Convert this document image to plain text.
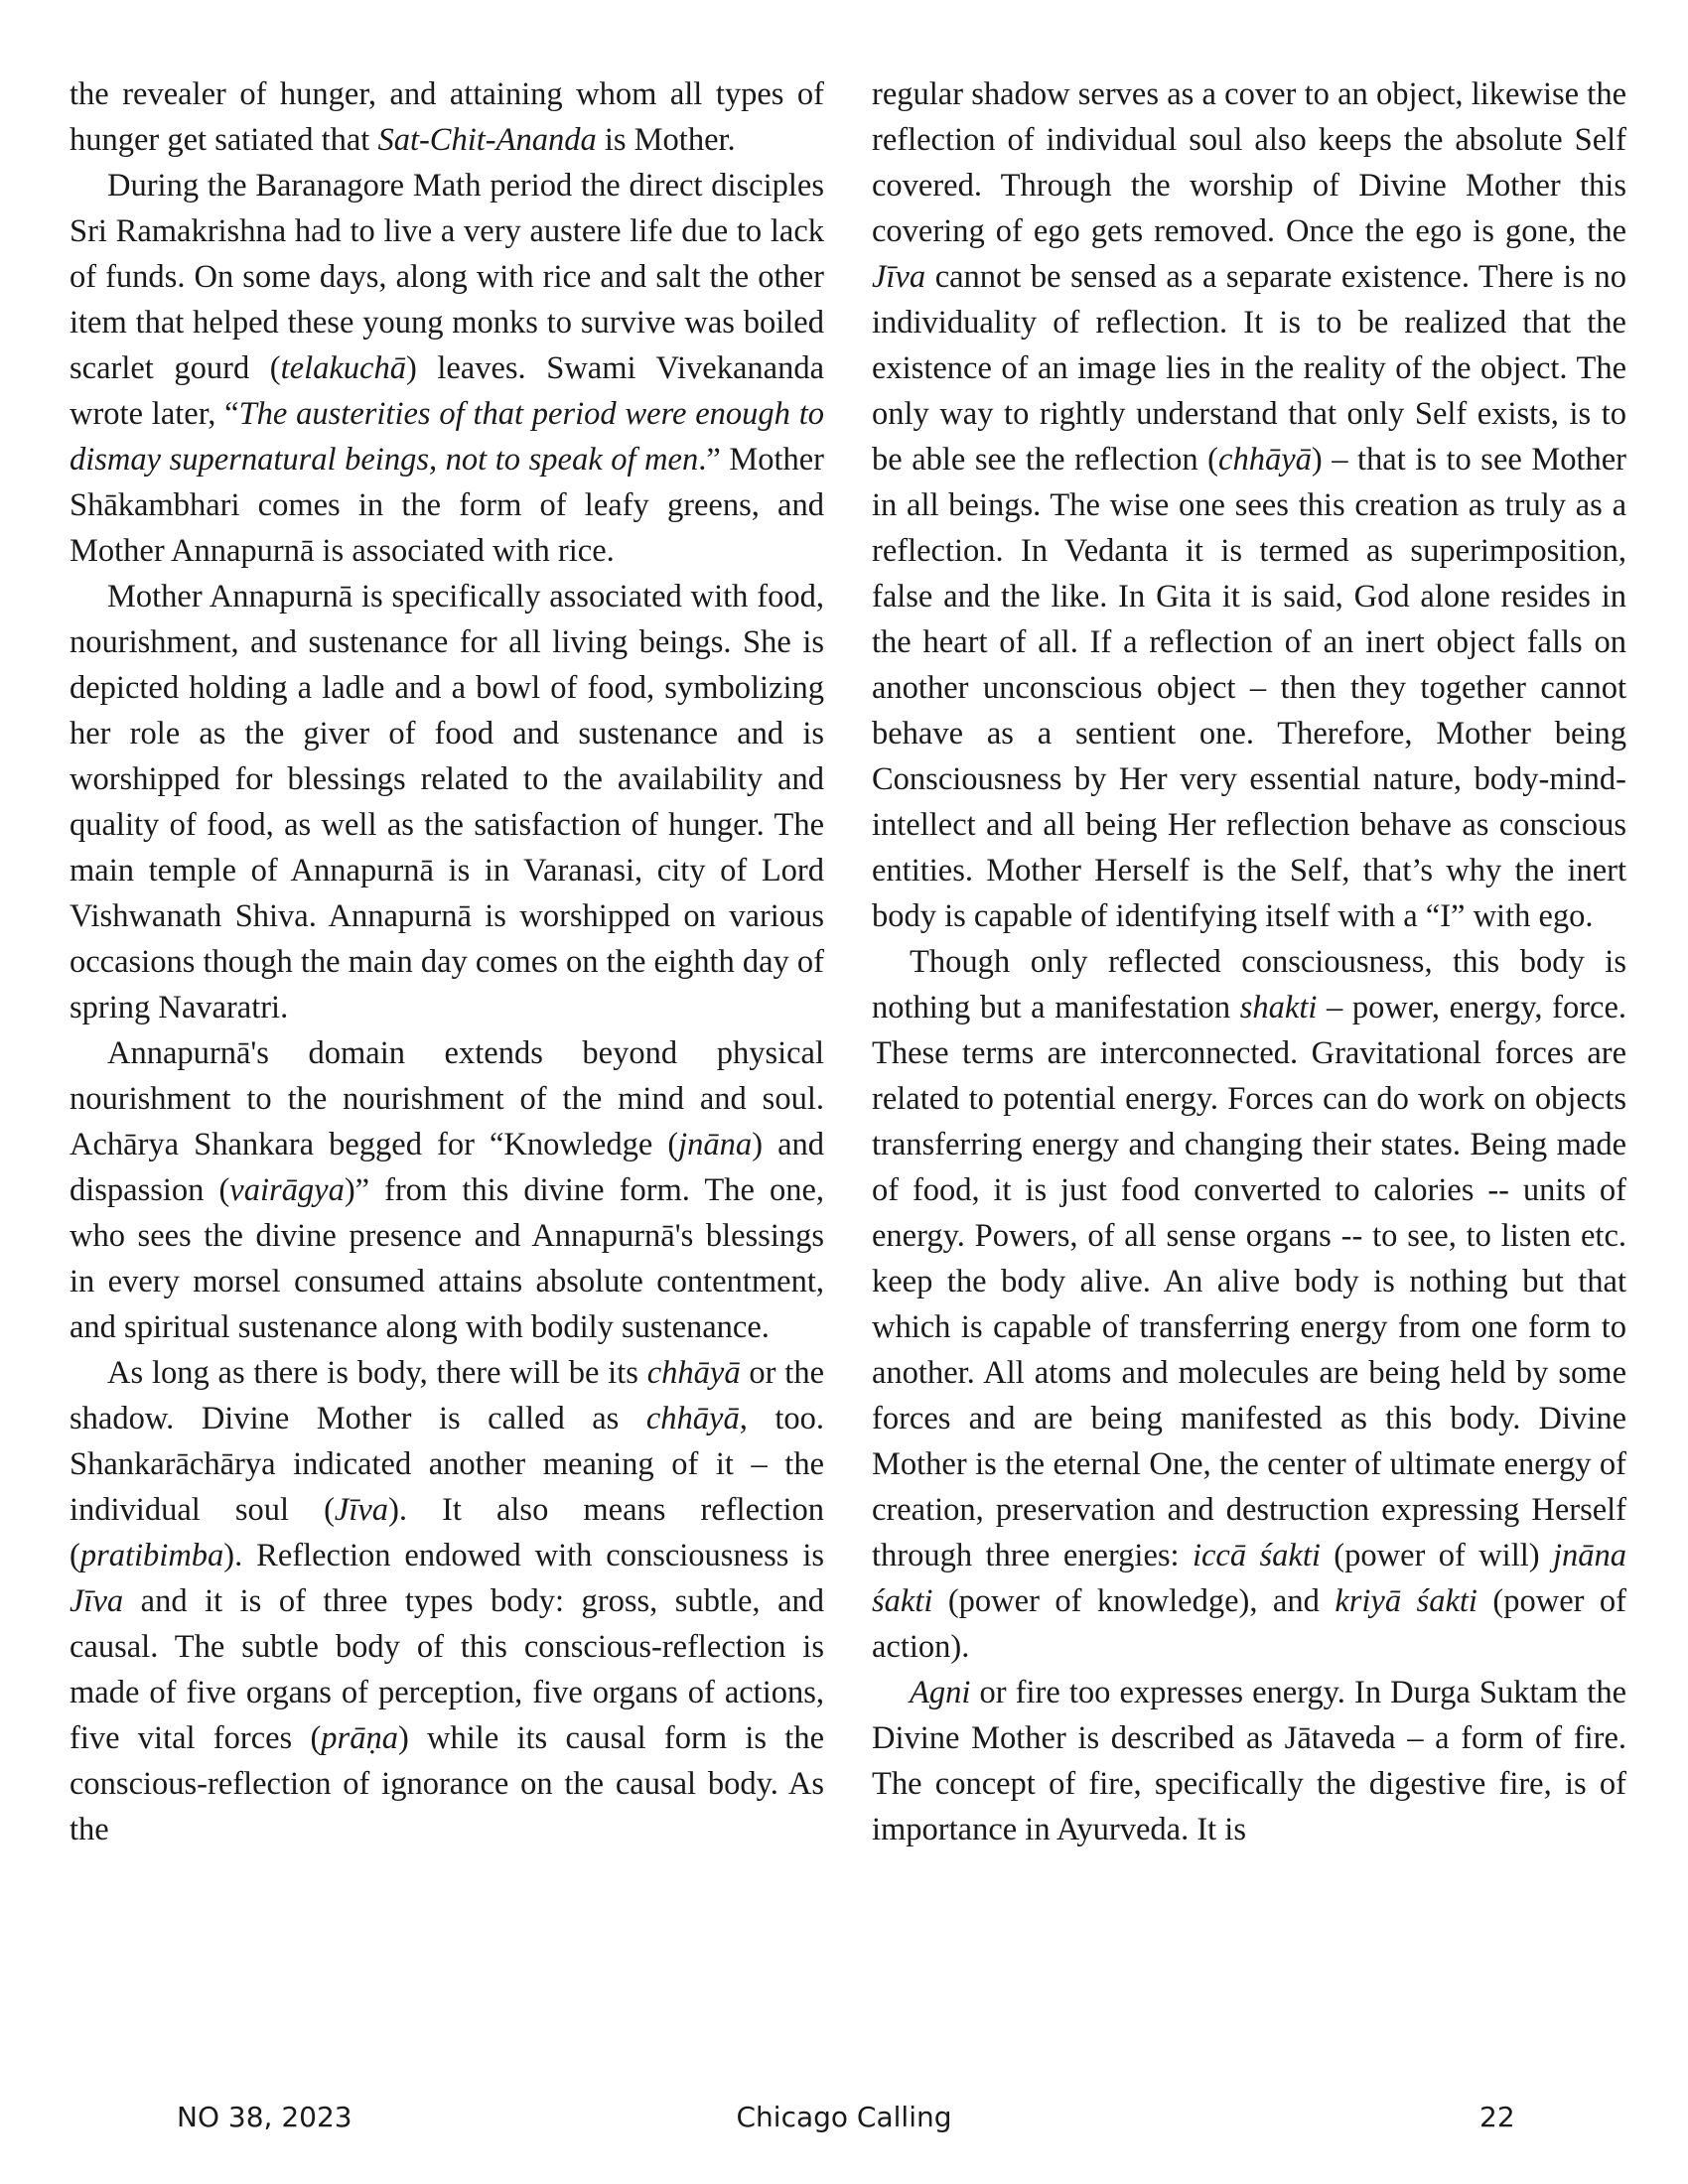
the revealer of hunger, and attaining whom all types of hunger get satiated that Sat-Chit-Ananda is Mother.

During the Baranagore Math period the direct disciples Sri Ramakrishna had to live a very austere life due to lack of funds. On some days, along with rice and salt the other item that helped these young monks to survive was boiled scarlet gourd (telakuchā) leaves. Swami Vivekananda wrote later, “The austerities of that period were enough to dismay supernatural beings, not to speak of men.” Mother Shākambhari comes in the form of leafy greens, and Mother Annapurnā is associated with rice.

Mother Annapurnā is specifically associated with food, nourishment, and sustenance for all living beings. She is depicted holding a ladle and a bowl of food, symbolizing her role as the giver of food and sustenance and is worshipped for blessings related to the availability and quality of food, as well as the satisfaction of hunger. The main temple of Annapurnā is in Varanasi, city of Lord Vishwanath Shiva. Annapurnā is worshipped on various occasions though the main day comes on the eighth day of spring Navaratri.

Annapurnā's domain extends beyond physical nourishment to the nourishment of the mind and soul. Achārya Shankara begged for “Knowledge (jnāna) and dispassion (vairāgya)” from this divine form. The one, who sees the divine presence and Annapurnā's blessings in every morsel consumed attains absolute contentment, and spiritual sustenance along with bodily sustenance.

As long as there is body, there will be its chhāyā or the shadow. Divine Mother is called as chhāyā, too. Shankarāchārya indicated another meaning of it – the individual soul (Jīva). It also means reflection (pratibimba). Reflection endowed with consciousness is Jīva and it is of three types body: gross, subtle, and causal. The subtle body of this conscious-reflection is made of five organs of perception, five organs of actions, five vital forces (prāṇa) while its causal form is the conscious-reflection of ignorance on the causal body. As the

regular shadow serves as a cover to an object, likewise the reflection of individual soul also keeps the absolute Self covered. Through the worship of Divine Mother this covering of ego gets removed. Once the ego is gone, the Jīva cannot be sensed as a separate existence. There is no individuality of reflection. It is to be realized that the existence of an image lies in the reality of the object. The only way to rightly understand that only Self exists, is to be able see the reflection (chhāyā) – that is to see Mother in all beings. The wise one sees this creation as truly as a reflection. In Vedanta it is termed as superimposition, false and the like. In Gita it is said, God alone resides in the heart of all. If a reflection of an inert object falls on another unconscious object – then they together cannot behave as a sentient one. Therefore, Mother being Consciousness by Her very essential nature, body-mind-intellect and all being Her reflection behave as conscious entities. Mother Herself is the Self, that’s why the inert body is capable of identifying itself with a “I” with ego.

Though only reflected consciousness, this body is nothing but a manifestation shakti – power, energy, force. These terms are interconnected. Gravitational forces are related to potential energy. Forces can do work on objects transferring energy and changing their states. Being made of food, it is just food converted to calories -- units of energy. Powers, of all sense organs -- to see, to listen etc. keep the body alive. An alive body is nothing but that which is capable of transferring energy from one form to another. All atoms and molecules are being held by some forces and are being manifested as this body. Divine Mother is the eternal One, the center of ultimate energy of creation, preservation and destruction expressing Herself through three energies: iccā śakti (power of will) jnāna śakti (power of knowledge), and kriyā śakti (power of action).

Agni or fire too expresses energy. In Durga Suktam the Divine Mother is described as Jātaveda – a form of fire. The concept of fire, specifically the digestive fire, is of importance in Ayurveda. It is

NO 38, 2023	Chicago Calling	22
